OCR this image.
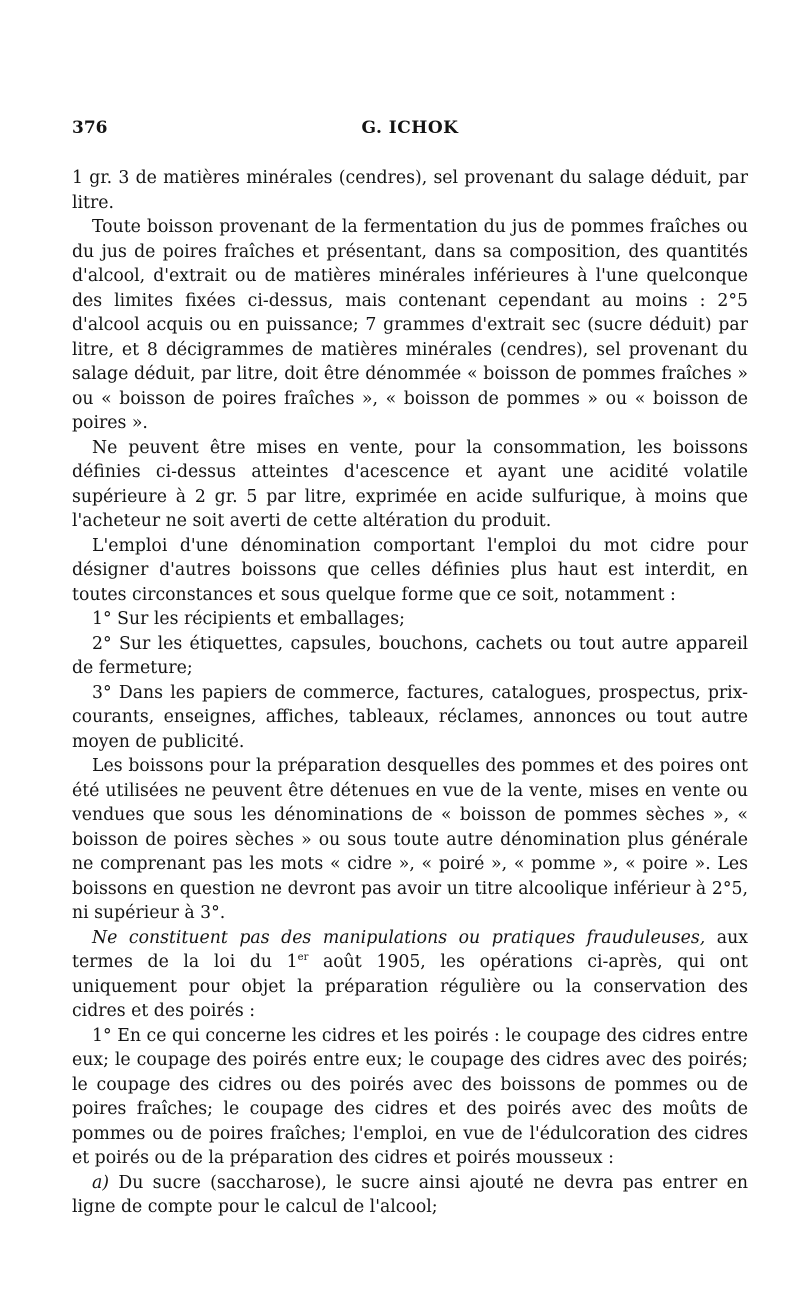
376	G. ICHOK

1 gr. 3 de matières minérales (cendres), sel provenant du salage déduit, par litre.

Toute boisson provenant de la fermentation du jus de pommes fraîches ou du jus de poires fraîches et présentant, dans sa composition, des quantités d'alcool, d'extrait ou de matières minérales inférieures à l'une quelconque des limites fixées ci-dessus, mais contenant cependant au moins : 2°5 d'alcool acquis ou en puissance; 7 grammes d'extrait sec (sucre déduit) par litre, et 8 décigrammes de matières minérales (cendres), sel provenant du salage déduit, par litre, doit être dénommée « boisson de pommes fraîches » ou « boisson de poires fraîches », « boisson de pommes » ou « boisson de poires ».

Ne peuvent être mises en vente, pour la consommation, les boissons définies ci-dessus atteintes d'acescence et ayant une acidité volatile supérieure à 2 gr. 5 par litre, exprimée en acide sulfurique, à moins que l'acheteur ne soit averti de cette altération du produit.

L'emploi d'une dénomination comportant l'emploi du mot cidre pour désigner d'autres boissons que celles définies plus haut est interdit, en toutes circonstances et sous quelque forme que ce soit, notamment :

1° Sur les récipients et emballages;

2° Sur les étiquettes, capsules, bouchons, cachets ou tout autre appareil de fermeture;

3° Dans les papiers de commerce, factures, catalogues, prospectus, prix-courants, enseignes, affiches, tableaux, réclames, annonces ou tout autre moyen de publicité.

Les boissons pour la préparation desquelles des pommes et des poires ont été utilisées ne peuvent être détenues en vue de la vente, mises en vente ou vendues que sous les dénominations de « boisson de pommes sèches », « boisson de poires sèches » ou sous toute autre dénomination plus générale ne comprenant pas les mots « cidre », « poiré », « pomme », « poire ». Les boissons en question ne devront pas avoir un titre alcoolique inférieur à 2°5, ni supérieur à 3°.

Ne constituent pas des manipulations ou pratiques frauduleuses, aux termes de la loi du 1er août 1905, les opérations ci-après, qui ont uniquement pour objet la préparation régulière ou la conservation des cidres et des poirés :

1° En ce qui concerne les cidres et les poirés : le coupage des cidres entre eux; le coupage des poirés entre eux; le coupage des cidres avec des poirés; le coupage des cidres ou des poirés avec des boissons de pommes ou de poires fraîches; le coupage des cidres et des poirés avec des moûts de pommes ou de poires fraîches; l'emploi, en vue de l'édulcoration des cidres et poirés ou de la préparation des cidres et poirés mousseux :

a) Du sucre (saccharose), le sucre ainsi ajouté ne devra pas entrer en ligne de compte pour le calcul de l'alcool;
